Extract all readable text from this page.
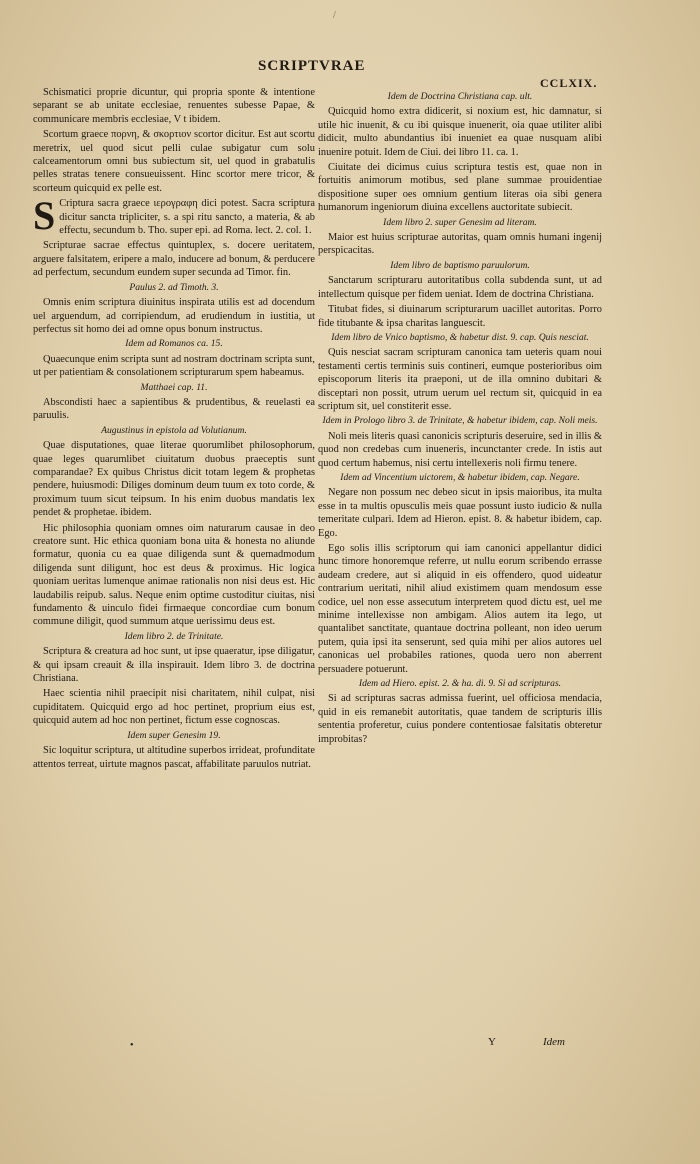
/
SCRIPTVRAE
CCLXIX.

Schismatici proprie dicuntur, qui propria sponte & intentione separant se ab unitate ecclesiae, renuentes subesse Papae, & communicare membris ecclesiae, V t ibidem.

Scortum graece πορνη, & σκορτιον scortor dicitur. Est aut scortu meretrix, uel quod sicut pelli culae subigatur cum solu calceamentorum omni bus subiectum sit, uel quod in grabatulis pelles stratas tenere consueuissent. Hinc scortor mere tricor, & scorteum quicquid ex pelle est.

S Criptura sacra graece ιερογραφη dici potest. Sacra scriptura dicitur sancta tripliciter, s. a spi ritu sancto, a materia, & ab effectu, secundum b. Tho. super epi. ad Roma. lect. 2. col. 1.

Scripturae sacrae effectus quintuplex, s. docere ueritatem, arguere falsitatem, eripere a malo, inducere ad bonum, & perducere ad perfectum, secundum eundem super secunda ad Timor. fin.

Paulus 2. ad Timoth. 3.

Omnis enim scriptura diuinitus inspirata utilis est ad docendum uel arguendum, ad corripiendum, ad erudiendum in iustitia, ut perfectus sit homo dei ad omne opus bonum instructus.

Idem ad Romanos ca. 15.

Quaecunque enim scripta sunt ad nostram doctrinam scripta sunt, ut per patientiam & consolationem scripturarum spem habeamus.

Matthaei cap. 11.

Abscondisti haec a sapientibus & prudentibus, & reuelasti ea paruulis.

Augustinus in epistola ad Volutianum.

Quae disputationes, quae literae quorumlibet philosophorum, quae leges quarumlibet ciuitatum duobus praeceptis sunt comparandae? Ex quibus Christus dicit totam legem & prophetas pendere, huiusmodi: Diliges dominum deum tuum ex toto corde, & proximum tuum sicut teipsum. In his enim duobus mandatis lex pendet & prophetae. ibidem.

Hic philosophia quoniam omnes oim naturarum causae in deo creatore sunt. Hic ethica quoniam bona uita & honesta no aliunde formatur, quonia cu ea quae diligenda sunt & quemadmodum diligenda sunt diligunt, hoc est deus & proximus. Hic logica quoniam ueritas lumenque animae rationalis non nisi deus est. Hic laudabilis reipub. salus. Neque enim optime custoditur ciuitas, nisi fundamento & uinculo fidei firmaeque concordiae cum bonum commune diligit, quod summum atque uerissimu deus est.

Idem libro 2. de Trinitate.

Scriptura & creatura ad hoc sunt, ut ipse quaeratur, ipse diligatur, & qui ipsam creauit & illa inspirauit. Idem libro 3. de doctrina Christiana.

Haec scientia nihil praecipit nisi charitatem, nihil culpat, nisi cupiditatem. Quicquid ergo ad hoc pertinet, proprium eius est, quicquid autem ad hoc non pertinet, fictum esse cognoscas.

Idem super Genesim 19.

Sic loquitur scriptura, ut altitudine superbos irrideat, profunditate attentos terreat, uirtute magnos pascat, affabilitate paruulos nutriat.

Idem de Doctrina Christiana cap. ult.

Quicquid homo extra didicerit, si noxium est, hic damnatur, si utile hic inuenit, & cu ibi quisque inuenerit, oia quae utiliter alibi didicit, multo abundantius ibi inueniet ea quae nusquam alibi inuenire potuit. Idem de Ciui. dei libro 11. ca. 1.

Ciuitate dei dicimus cuius scriptura testis est, quae non in fortuitis animorum motibus, sed plane summae prouidentiae dispositione super oes omnium gentium literas oia sibi genera humanorum ingeniorum diuina excellens auctoritate subiecit.

Idem libro 2. super Genesim ad literam.

Maior est huius scripturae autoritas, quam omnis humani ingenij perspicacitas.

Idem libro de baptismo paruulorum.

Sanctarum scripturaru autoritatibus colla subdenda sunt, ut ad intellectum quisque per fidem ueniat. Idem de doctrina Christiana.

Titubat fides, si diuinarum scripturarum uacillet autoritas. Porro fide titubante & ipsa charitas languescit.

Idem libro de Vnico baptismo, & habetur dist. 9. cap. Quis nesciat.

Quis nesciat sacram scripturam canonica tam ueteris quam noui testamenti certis terminis suis contineri, eumque posterioribus oim episcoporum literis ita praeponi, ut de illa omnino dubitari & disceptari non possit, utrum uerum uel rectum sit, quicquid in ea scriptum sit, uel constiterit esse.

Idem in Prologo libro 3. de Trinitate, & habetur ibidem, cap. Noli meis.

Noli meis literis quasi canonicis scripturis deseruire, sed in illis & quod non credebas cum inueneris, incunctanter crede. In istis aut quod certum habemus, nisi certu intellexeris noli firmu tenere.

Idem ad Vincentium uictorem, & habetur ibidem, cap. Negare.

Negare non possum nec debeo sicut in ipsis maioribus, ita multa esse in ta multis opusculis meis quae possunt iusto iudicio & nulla temeritate culpari. Idem ad Hieron. epist. 8. & habetur ibidem, cap. Ego.

Ego solis illis scriptorum qui iam canonici appellantur didici hunc timore honoremque referre, ut nullu eorum scribendo errasse audeam credere, aut si aliquid in eis offendero, quod uideatur contrarium ueritati, nihil aliud existimem quam mendosum esse codice, uel non esse assecutum interpretem quod dictu est, uel me minime intellexisse non ambigam. Alios autem ita lego, ut quantalibet sanctitate, quantaue doctrina polleant, non ideo uerum putem, quia ipsi ita senserunt, sed quia mihi per alios autores uel canonicas uel probabiles rationes, quoda uero non aberrent persuadere potuerunt.

Idem ad Hiero. epist. 2. & ha. di. 9. Si ad scripturas.

Si ad scripturas sacras admissa fuerint, uel officiosa mendacia, quid in eis remanebit autoritatis, quae tandem de scripturis illis sententia proferetur, cuius pondere contentiosae falsitatis obteretur improbitas?

•	Y	Idem
